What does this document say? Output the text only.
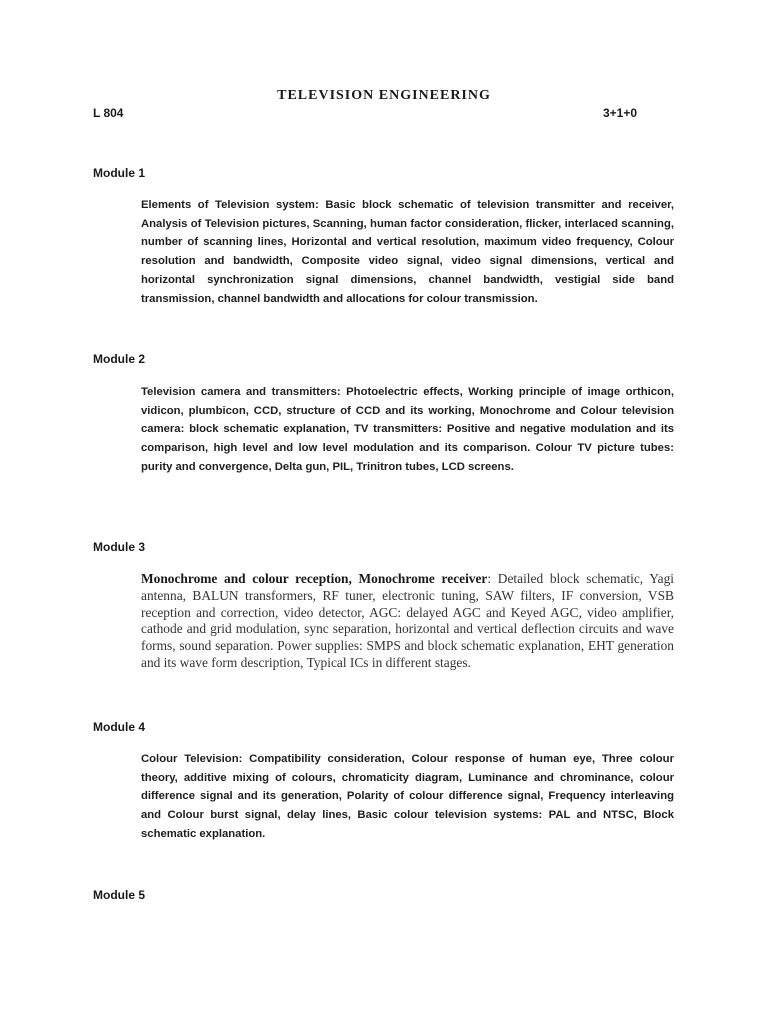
TELEVISION ENGINEERING
L 804	3+1+0
Module 1

Elements of Television system: Basic block schematic of television transmitter and receiver, Analysis of Television pictures, Scanning, human factor consideration, flicker, interlaced scanning, number of scanning lines, Horizontal and vertical resolution, maximum video frequency, Colour resolution and bandwidth, Composite video signal, video signal dimensions, vertical and horizontal synchronization signal dimensions, channel bandwidth, vestigial side band transmission, channel bandwidth and allocations for colour transmission.

Module 2

Television camera and transmitters: Photoelectric effects, Working principle of image orthicon, vidicon, plumbicon, CCD, structure of CCD and its working, Monochrome and Colour television camera: block schematic explanation, TV transmitters: Positive and negative modulation and its comparison, high level and low level modulation and its comparison. Colour TV picture tubes: purity and convergence, Delta gun, PIL, Trinitron tubes, LCD screens.

Module 3

Monochrome and colour reception, Monochrome receiver: Detailed block schematic, Yagi antenna, BALUN transformers, RF tuner, electronic tuning, SAW filters, IF conversion, VSB reception and correction, video detector, AGC: delayed AGC and Keyed AGC, video amplifier, cathode and grid modulation, sync separation, horizontal and vertical deflection circuits and wave forms, sound separation. Power supplies: SMPS and block schematic explanation, EHT generation and its wave form description, Typical ICs in different stages.

Module 4

Colour Television: Compatibility consideration, Colour response of human eye, Three colour theory, additive mixing of colours, chromaticity diagram, Luminance and chrominance, colour difference signal and its generation, Polarity of colour difference signal, Frequency interleaving and Colour burst signal, delay lines, Basic colour television systems: PAL and NTSC, Block schematic explanation.

Module 5
